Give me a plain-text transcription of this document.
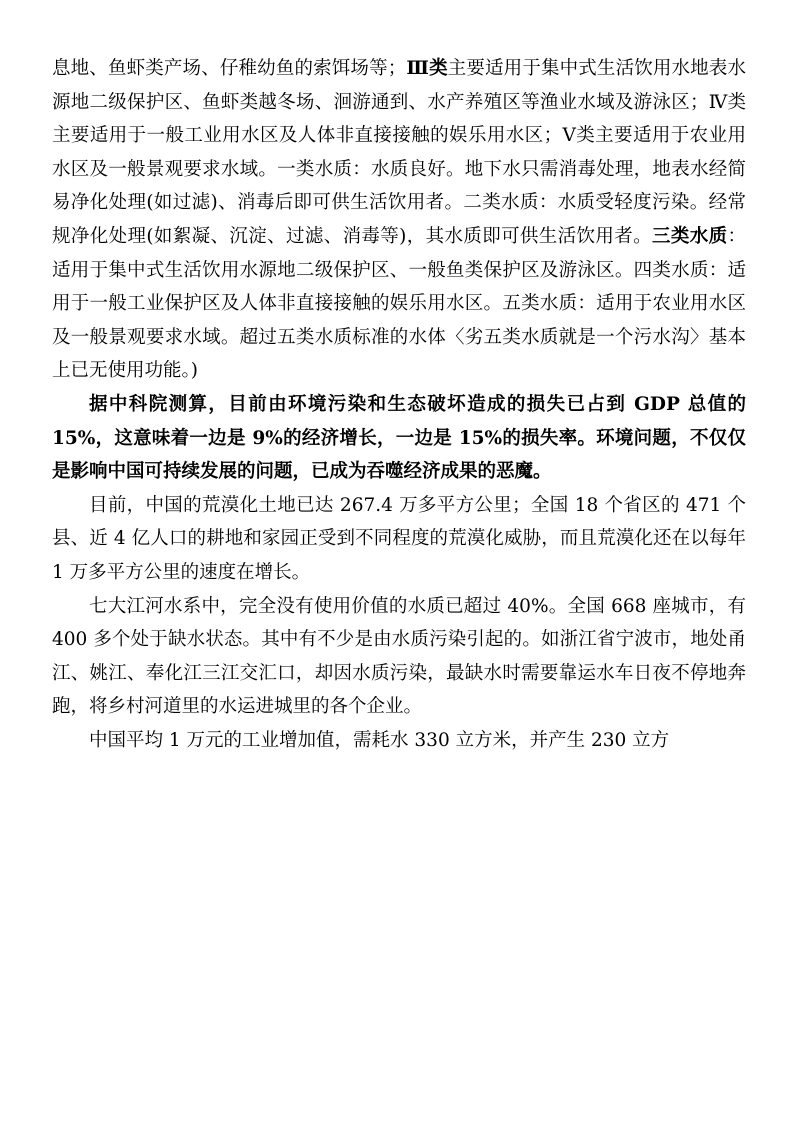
息地、鱼虾类产场、仔稚幼鱼的索饵场等；Ⅲ类主要适用于集中式生活饮用水地表水源地二级保护区、鱼虾类越冬场、洄游通到、水产养殖区等渔业水域及游泳区；Ⅳ类主要适用于一般工业用水区及人体非直接接触的娱乐用水区；Ⅴ类主要适用于农业用水区及一般景观要求水域。一类水质：水质良好。地下水只需消毒处理，地表水经简易净化处理(如过滤)、消毒后即可供生活饮用者。二类水质：水质受轻度污染。经常规净化处理(如絮凝、沉淀、过滤、消毒等)，其水质即可供生活饮用者。三类水质：适用于集中式生活饮用水源地二级保护区、一般鱼类保护区及游泳区。四类水质：适用于一般工业保护区及人体非直接接触的娱乐用水区。五类水质：适用于农业用水区及一般景观要求水域。超过五类水质标准的水体〈劣五类水质就是一个污水沟〉基本上已无使用功能。)

据中科院测算，目前由环境污染和生态破坏造成的损失已占到 GDP 总值的 15%，这意味着一边是 9%的经济增长，一边是 15%的损失率。环境问题，不仅仅是影响中国可持续发展的问题，已成为吞噬经济成果的恶魔。

目前，中国的荒漠化土地已达 267.4 万多平方公里；全国 18 个省区的 471 个县、近 4 亿人口的耕地和家园正受到不同程度的荒漠化威胁，而且荒漠化还在以每年 1 万多平方公里的速度在增长。

七大江河水系中，完全没有使用价值的水质已超过 40%。全国 668 座城市，有 400 多个处于缺水状态。其中有不少是由水质污染引起的。如浙江省宁波市，地处甬江、姚江、奉化江三江交汇口，却因水质污染，最缺水时需要靠运水车日夜不停地奔跑，将乡村河道里的水运进城里的各个企业。

中国平均 1 万元的工业增加值，需耗水 330 立方米，并产生 230 立方
